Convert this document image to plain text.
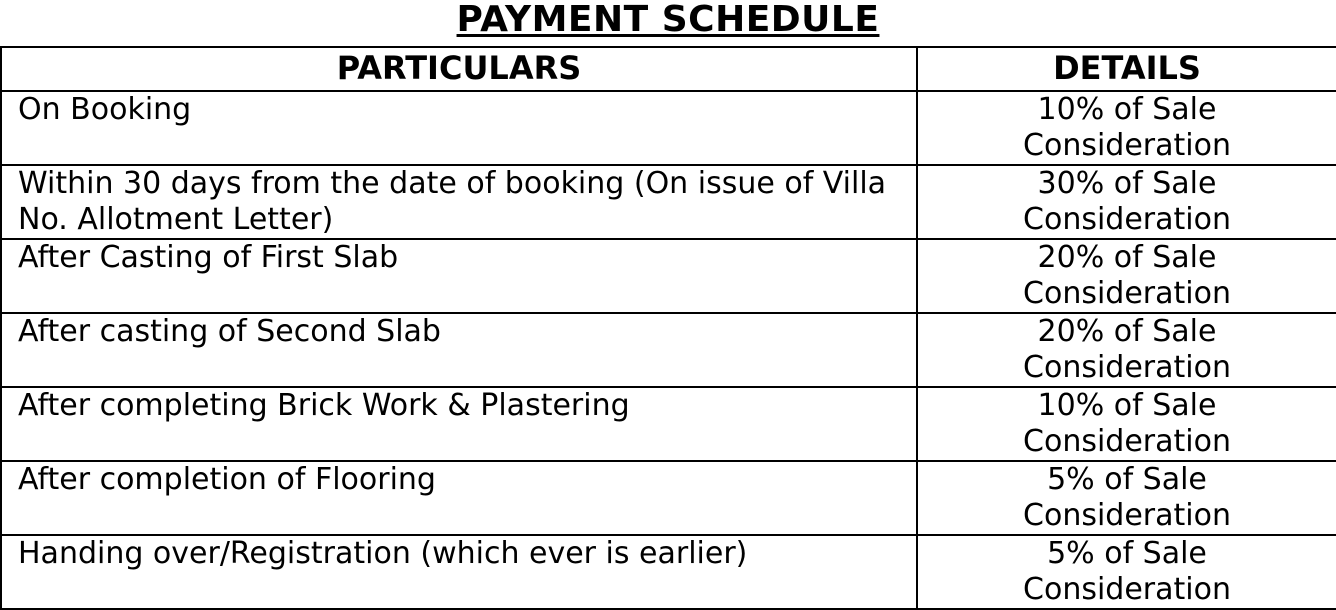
PAYMENT SCHEDULE
PARTICULARS	DETAILS
On Booking	10% of Sale
Consideration

Within 30 days from the date of booking (On issue of Villa No. Allotment Letter)	30% of Sale
Consideration

After Casting of First Slab	20% of Sale
Consideration

After casting of Second Slab	20% of Sale
Consideration

After completing Brick Work & Plastering	10% of Sale
Consideration

After completion of Flooring	5% of Sale
Consideration

Handing over/Registration (which ever is earlier)	5% of Sale
Consideration
